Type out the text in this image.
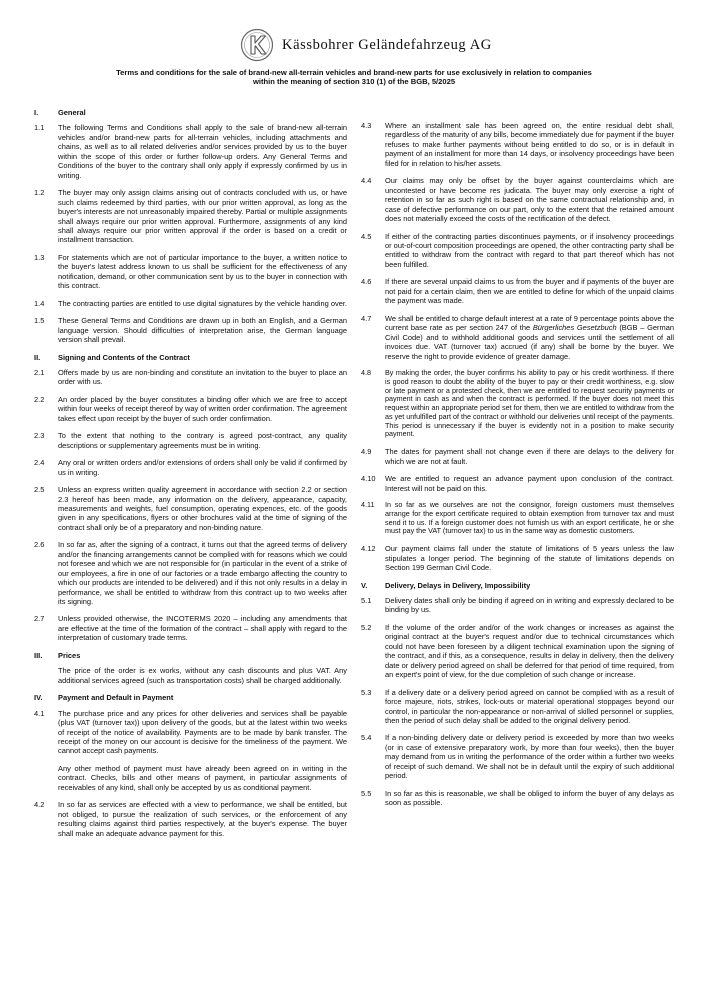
Kässbohrer Geländefahrzeug AG
Terms and conditions for the sale of brand-new all-terrain vehicles and brand-new parts for use exclusively in relation to companies
within the meaning of section 310 (1) of the BGB, 5/2025
I.	General
1.1 The following Terms and Conditions shall apply to the sale of brand-new all-terrain vehicles and/or brand-new parts for all-terrain vehicles, including attachments and chains, as well as to all related deliveries and/or services provided by us to the buyer within the scope of this order or further follow-up orders. Any General Terms and Conditions of the buyer to the contrary shall only apply if expressly confirmed by us in writing.
1.2 The buyer may only assign claims arising out of contracts concluded with us, or have such claims redeemed by third parties, with our prior written approval, as long as the buyer's interests are not unreasonably impaired thereby. Partial or multiple assignments shall always require our prior written approval. Furthermore, assignments of any kind shall always require our prior written approval if the order is based on a credit or installment transaction.
1.3 For statements which are not of particular importance to the buyer, a written notice to the buyer's latest address known to us shall be sufficient for the effectiveness of any notification, demand, or other communication sent by us to the buyer in connection with this contract.
1.4 The contracting parties are entitled to use digital signatures by the vehicle handing over.
1.5 These General Terms and Conditions are drawn up in both an English, and a German language version. Should difficulties of interpretation arise, the German language version shall prevail.
II. Signing and Contents of the Contract
2.1 Offers made by us are non-binding and constitute an invitation to the buyer to place an order with us.
2.2 An order placed by the buyer constitutes a binding offer which we are free to accept within four weeks of receipt thereof by way of written order confirmation. The agreement takes effect upon receipt by the buyer of such order confirmation.
2.3 To the extent that nothing to the contrary is agreed post-contract, any quality descriptions or supplementary agreements must be in writing.
2.4 Any oral or written orders and/or extensions of orders shall only be valid if confirmed by us in writing.
2.5 Unless an express written quality agreement in accordance with section 2.2 or section 2.3 hereof has been made, any information on the delivery, appearance, capacity, measurements and weights, fuel consumption, operating expences, etc. of the goods given in any specifications, flyers or other brochures valid at the time of signing of the contract shall only be of a preparatory and non-binding nature.
2.6 In so far as, after the signing of a contract, it turns out that the agreed terms of delivery and/or the financing arrangements cannot be complied with for reasons which we could not foresee and which we are not responsible for (in particular in the event of a strike of our employees, a fire in one of our factories or a trade embargo affecting the country to which our products are intended to be delivered) and if this not only results in a delay in performance, we shall be entitled to withdraw from this contract up to two weeks after its signing.
2.7 Unless provided otherwise, the INCOTERMS 2020 – including any amendments that are effective at the time of the formation of the contract – shall apply with regard to the interpretation of customary trade terms.
III. Prices
The price of the order is ex works, without any cash discounts and plus VAT. Any additional services agreed (such as transportation costs) shall be charged additionally.
IV. Payment and Default in Payment
4.1 The purchase price and any prices for other deliveries and services shall be payable (plus VAT (turnover tax)) upon delivery of the goods, but at the latest within two weeks of receipt of the notice of availability. Payments are to be made by bank transfer. The receipt of the money on our account is decisive for the timeliness of the payment. We cannot accept cash payments.
Any other method of payment must have already been agreed on in writing in the contract. Checks, bills and other means of payment, in particular assignments of receivables of any kind, shall only be accepted by us as conditional payment.
4.2 In so far as services are effected with a view to performance, we shall be entitled, but not obliged, to pursue the realization of such services, or the enforcement of any resulting claims against third parties respectively, at the buyer's expense. The buyer shall make an adequate advance payment for this.
4.3 Where an installment sale has been agreed on, the entire residual debt shall, regardless of the maturity of any bills, become immediately due for payment if the buyer refuses to make further payments without being entitled to do so, or is in default in payment of an installment for more than 14 days, or insolvency proceedings have been filed for in relation to his/her assets.
4.4 Our claims may only be offset by the buyer against counterclaims which are uncontested or have become res judicata. The buyer may only exercise a right of retention in so far as such right is based on the same contractual relationship and, in case of defective performance on our part, only to the extent that the retained amount does not materially exceed the costs of the rectification of the defect.
4.5 If either of the contracting parties discontinues payments, or if insolvency proceedings or out-of-court composition proceedings are opened, the other contracting party shall be entitled to withdraw from the contract with regard to that part thereof which has not been fulfilled.
4.6 If there are several unpaid claims to us from the buyer and if payments of the buyer are not paid for a certain claim, then we are entitled to define for which of the unpaid claims the payment was made.
4.7 We shall be entitled to charge default interest at a rate of 9 percentage points above the current base rate as per section 247 of the Bürgerliches Gesetzbuch (BGB – German Civil Code) and to withhold additional goods and services until the settlement of all invoices due. VAT (turnover tax) accrued (if any) shall be borne by the buyer. We reserve the right to provide evidence of greater damage.
4.8 By making the order, the buyer confirms his ability to pay or his credit worthiness. If there is good reason to doubt the ability of the buyer to pay or their credit worthiness, e.g. slow or late payment or a protested check, then we are entitled to request security payments or payment in cash as and when the contract is performed. If the buyer does not meet this request within an appropriate period set for them, then we are entitled to withdraw from the as yet unfulfilled part of the contract or withhold our deliveries until receipt of the payments. This period is unnecessary if the buyer is evidently not in a position to make security payment.
4.9 The dates for payment shall not change even if there are delays to the delivery for which we are not at fault.
4.10 We are entitled to request an advance payment upon conclusion of the contract. Interest will not be paid on this.
4.11 In so far as we ourselves are not the consignor, foreign customers must themselves arrange for the export certificate required to obtain exemption from turnover tax and must send it to us. If a foreign customer does not furnish us with an export certificate, he or she must pay the VAT (turnover tax) to us in the same way as domestic customers.
4.12 Our payment claims fall under the statute of limitations of 5 years unless the law stipulates a longer period. The beginning of the statute of limitations depends on Section 199 German Civil Code.
V. Delivery, Delays in Delivery, Impossibility
5.1 Delivery dates shall only be binding if agreed on in writing and expressly declared to be binding by us.
5.2 If the volume of the order and/or of the work changes or increases as against the original contract at the buyer's request and/or due to technical circumstances which could not have been foreseen by a diligent technical examination upon the signing of the contract, and if this, as a consequence, results in delay in delivery, then the delivery date or delivery period agreed on shall be deferred for that period of time required, from an expert's point of view, for the due completion of such change or increase.
5.3 If a delivery date or a delivery period agreed on cannot be complied with as a result of force majeure, riots, strikes, lock-outs or material operational stoppages beyond our control, in particular the non-appearance or non-arrival of skilled personnel or supplies, then the period of such delay shall be added to the original delivery period.
5.4 If a non-binding delivery date or delivery period is exceeded by more than two weeks (or in case of extensive preparatory work, by more than four weeks), then the buyer may demand from us in writing the performance of the order within a further two weeks of receipt of such demand. We shall not be in default until the expiry of such additional period.
5.5 In so far as this is reasonable, we shall be obliged to inform the buyer of any delays as soon as possible.
